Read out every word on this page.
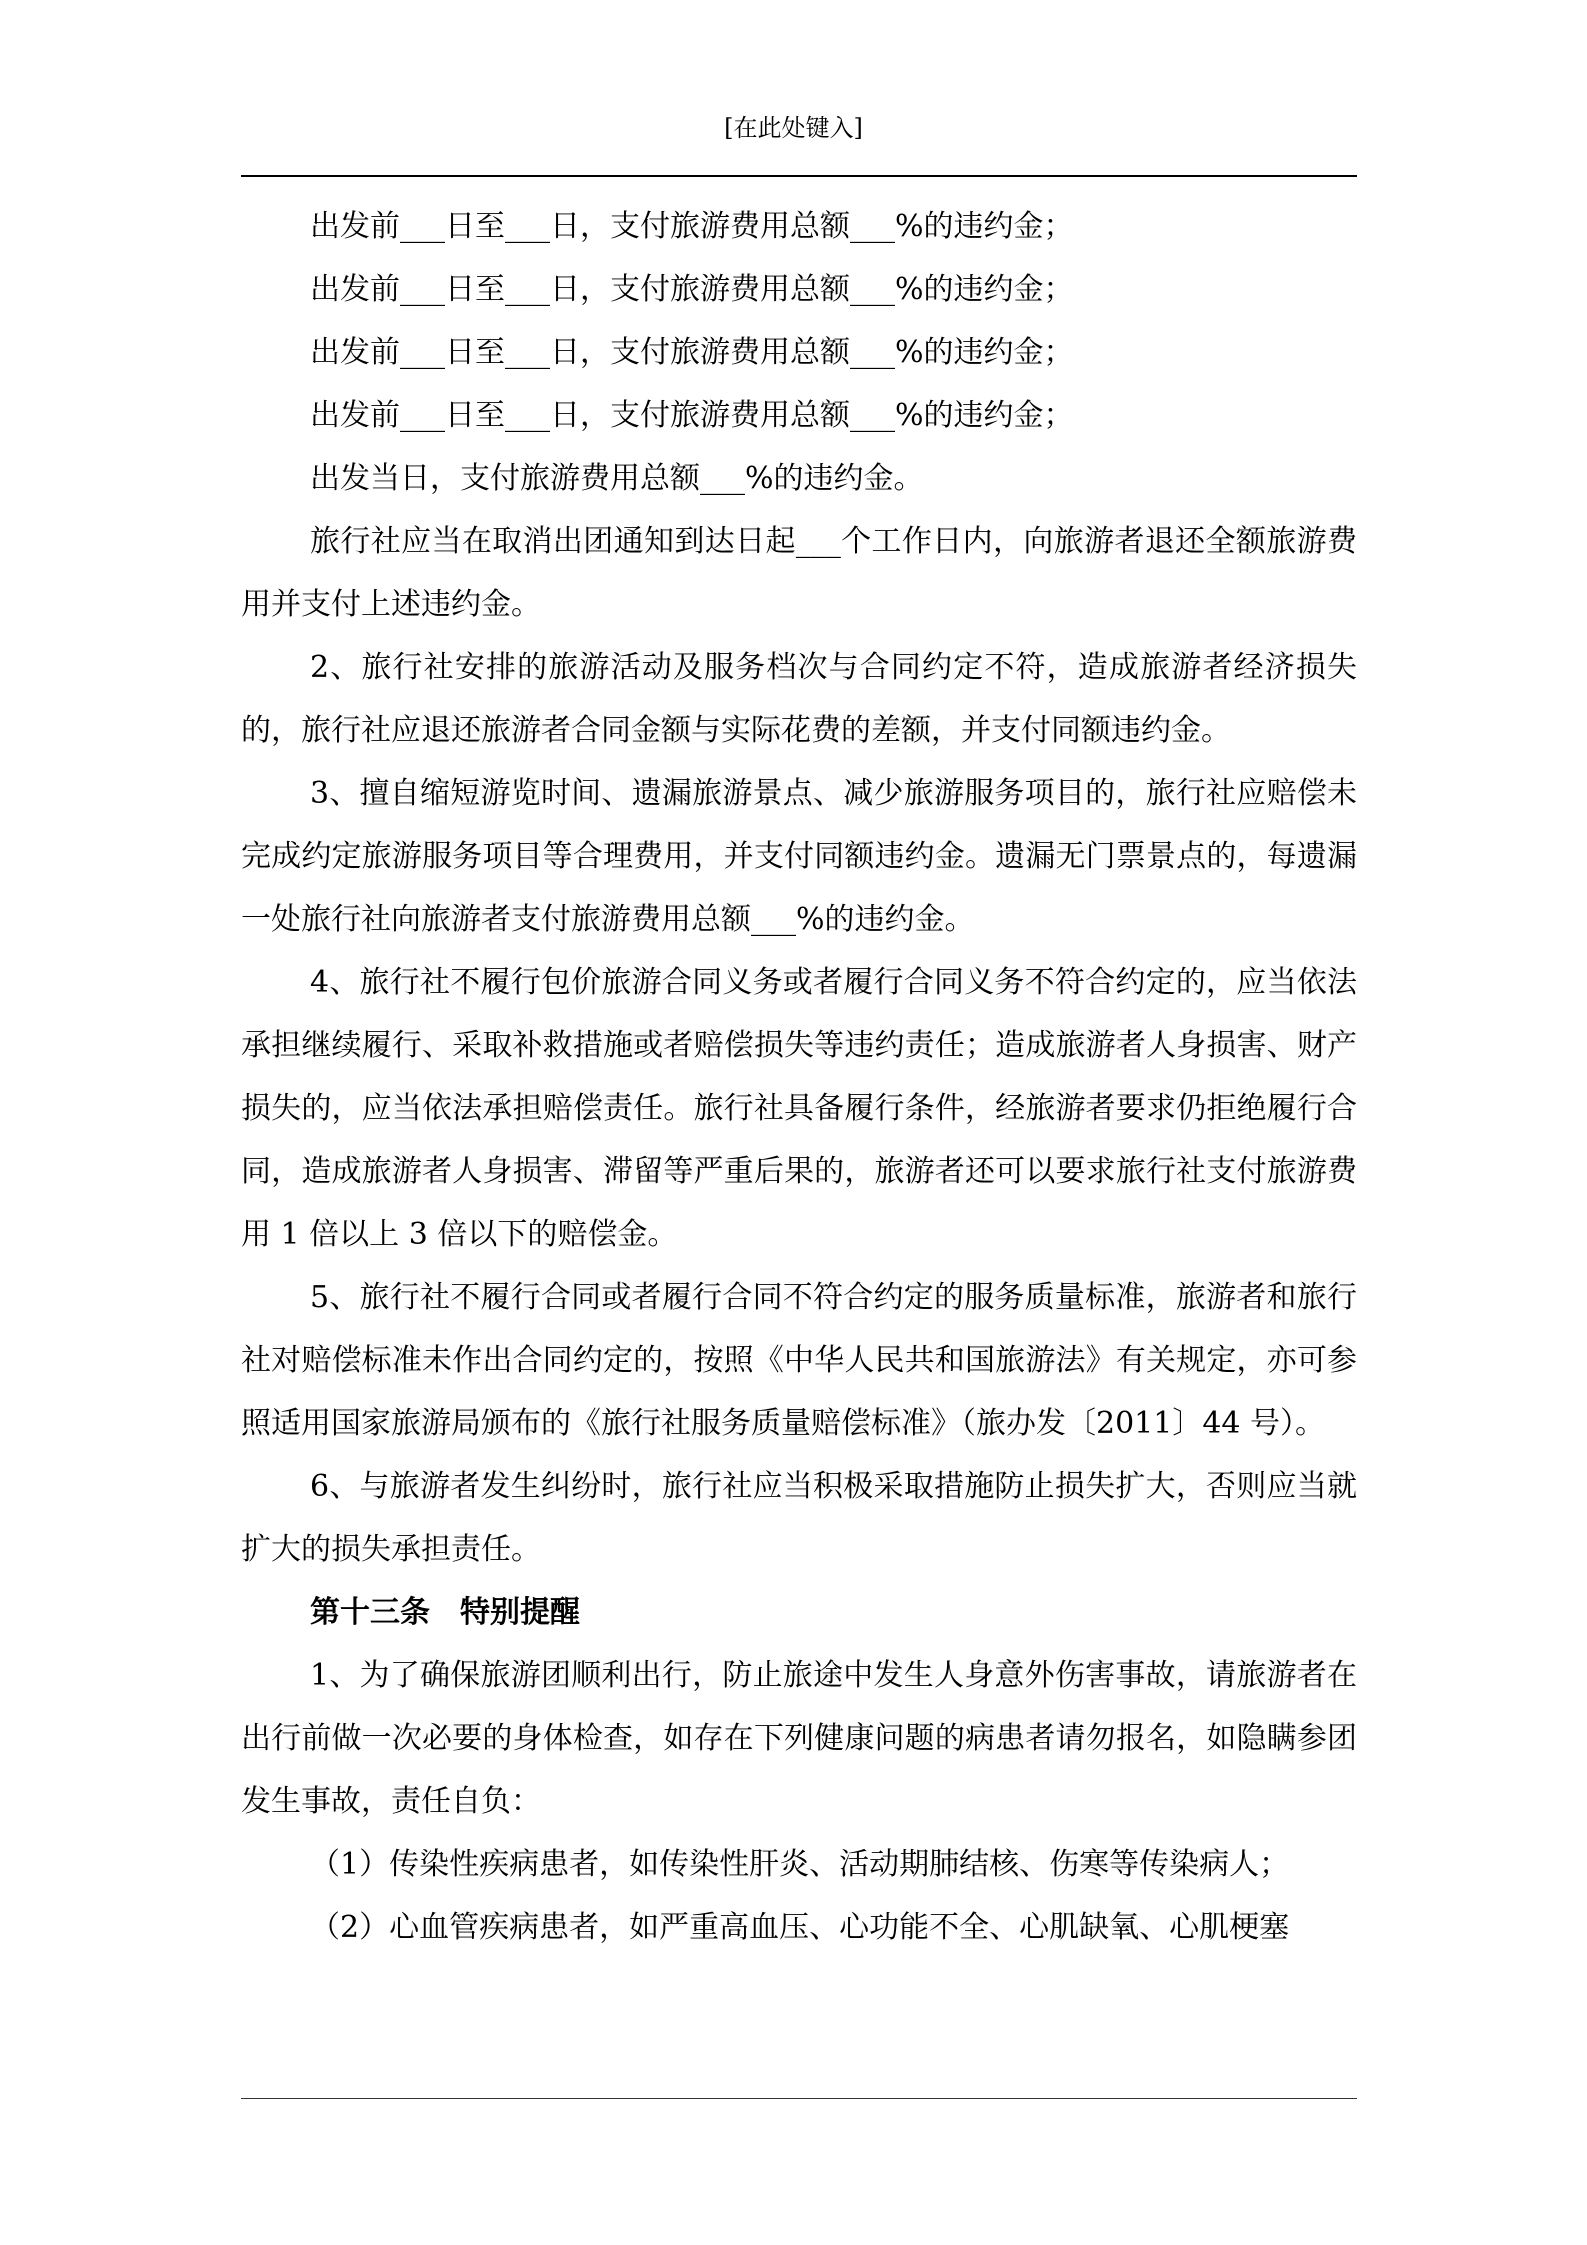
[在此处键入]

出发前___日至___日，支付旅游费用总额___%的违约金；

出发前___日至___日，支付旅游费用总额___%的违约金；

出发前___日至___日，支付旅游费用总额___%的违约金；

出发前___日至___日，支付旅游费用总额___%的违约金；

出发当日，支付旅游费用总额___%的违约金。

旅行社应当在取消出团通知到达日起___个工作日内，向旅游者退还全额旅游费用并支付上述违约金。

2、旅行社安排的旅游活动及服务档次与合同约定不符，造成旅游者经济损失的，旅行社应退还旅游者合同金额与实际花费的差额，并支付同额违约金。

3、擅自缩短游览时间、遗漏旅游景点、减少旅游服务项目的，旅行社应赔偿未完成约定旅游服务项目等合理费用，并支付同额违约金。遗漏无门票景点的，每遗漏一处旅行社向旅游者支付旅游费用总额___%的违约金。

4、旅行社不履行包价旅游合同义务或者履行合同义务不符合约定的，应当依法承担继续履行、采取补救措施或者赔偿损失等违约责任；造成旅游者人身损害、财产损失的，应当依法承担赔偿责任。旅行社具备履行条件，经旅游者要求仍拒绝履行合同，造成旅游者人身损害、滞留等严重后果的，旅游者还可以要求旅行社支付旅游费用 1 倍以上 3 倍以下的赔偿金。

5、旅行社不履行合同或者履行合同不符合约定的服务质量标准，旅游者和旅行社对赔偿标准未作出合同约定的，按照《中华人民共和国旅游法》有关规定，亦可参照适用国家旅游局颁布的《旅行社服务质量赔偿标准》（旅办发〔2011〕44 号）。

6、与旅游者发生纠纷时，旅行社应当积极采取措施防止损失扩大，否则应当就扩大的损失承担责任。

第十三条　特别提醒

1、为了确保旅游团顺利出行，防止旅途中发生人身意外伤害事故，请旅游者在出行前做一次必要的身体检查，如存在下列健康问题的病患者请勿报名，如隐瞒参团发生事故，责任自负：

（1）传染性疾病患者，如传染性肝炎、活动期肺结核、伤寒等传染病人；

（2）心血管疾病患者，如严重高血压、心功能不全、心肌缺氧、心肌梗塞
